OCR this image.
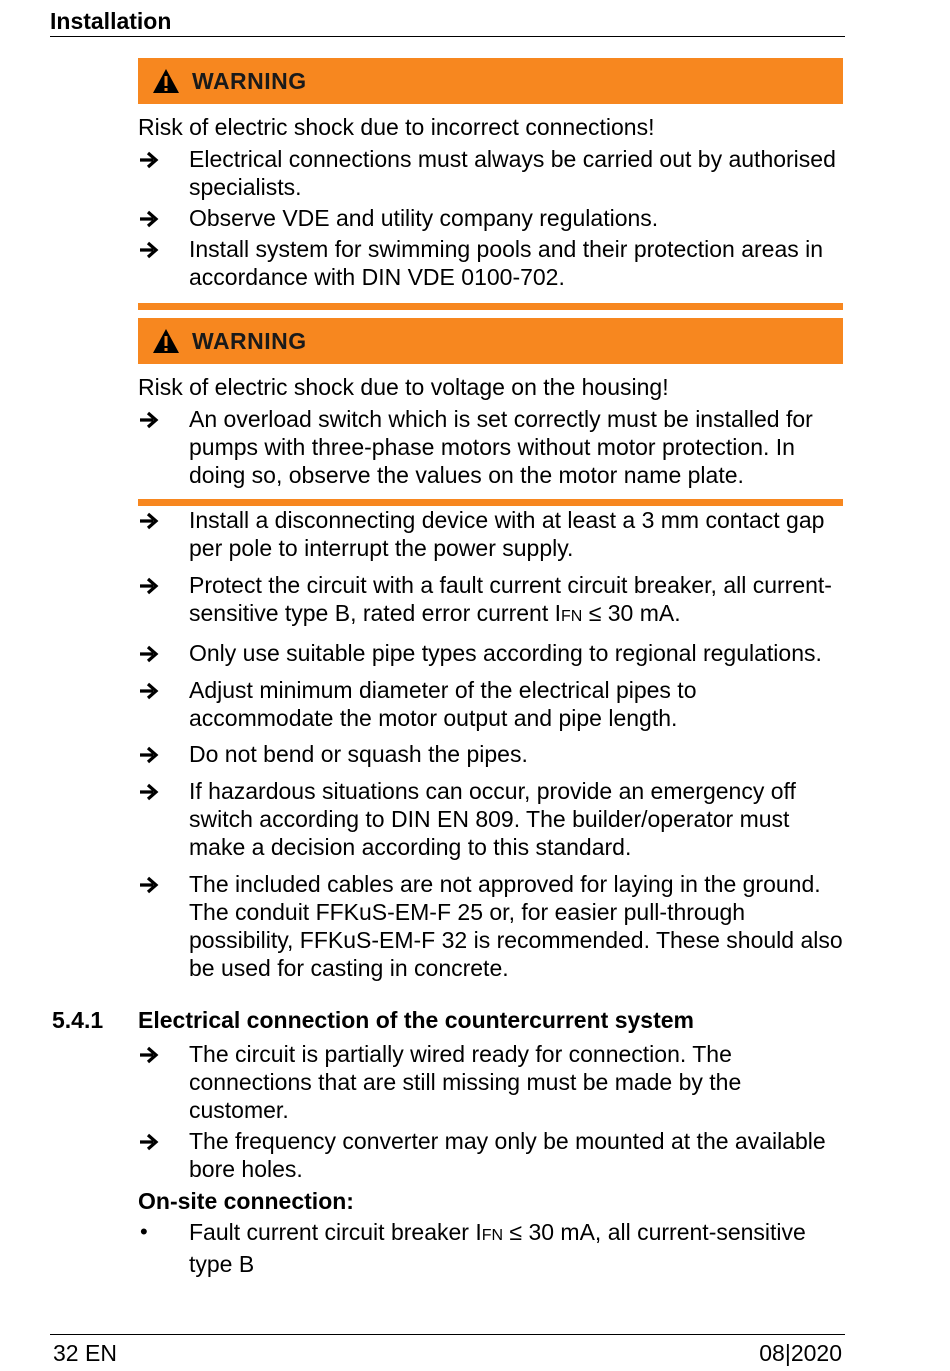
Installation
WARNING
Risk of electric shock due to incorrect connections!
Electrical connections must always be carried out by authorised specialists.
Observe VDE and utility company regulations.
Install system for swimming pools and their protection areas in accordance with DIN VDE 0100-702.
WARNING
Risk of electric shock due to voltage on the housing!
An overload switch which is set correctly must be installed for pumps with three-phase motors without motor protection. In doing so, observe the values on the motor name plate.
Install a disconnecting device with at least a 3 mm contact gap per pole to interrupt the power supply.
Protect the circuit with a fault current circuit breaker, all current-sensitive type B, rated error current IFN ≤ 30 mA.
Only use suitable pipe types according to regional regulations.
Adjust minimum diameter of the electrical pipes to accommodate the motor output and pipe length.
Do not bend or squash the pipes.
If hazardous situations can occur, provide an emergency off switch according to DIN EN 809. The builder/operator must make a decision according to this standard.
The included cables are not approved for laying in the ground. The conduit FFKuS-EM-F 25 or, for easier pull-through possibility, FFKuS-EM-F 32 is recommended. These should also be used for casting in concrete.
5.4.1 Electrical connection of the countercurrent system
The circuit is partially wired ready for connection. The connections that are still missing must be made by the customer.
The frequency converter may only be mounted at the available bore holes.
On-site connection:
•	Fault current circuit breaker IFN ≤ 30 mA, all current-sensitive type B
32 EN	08|2020
